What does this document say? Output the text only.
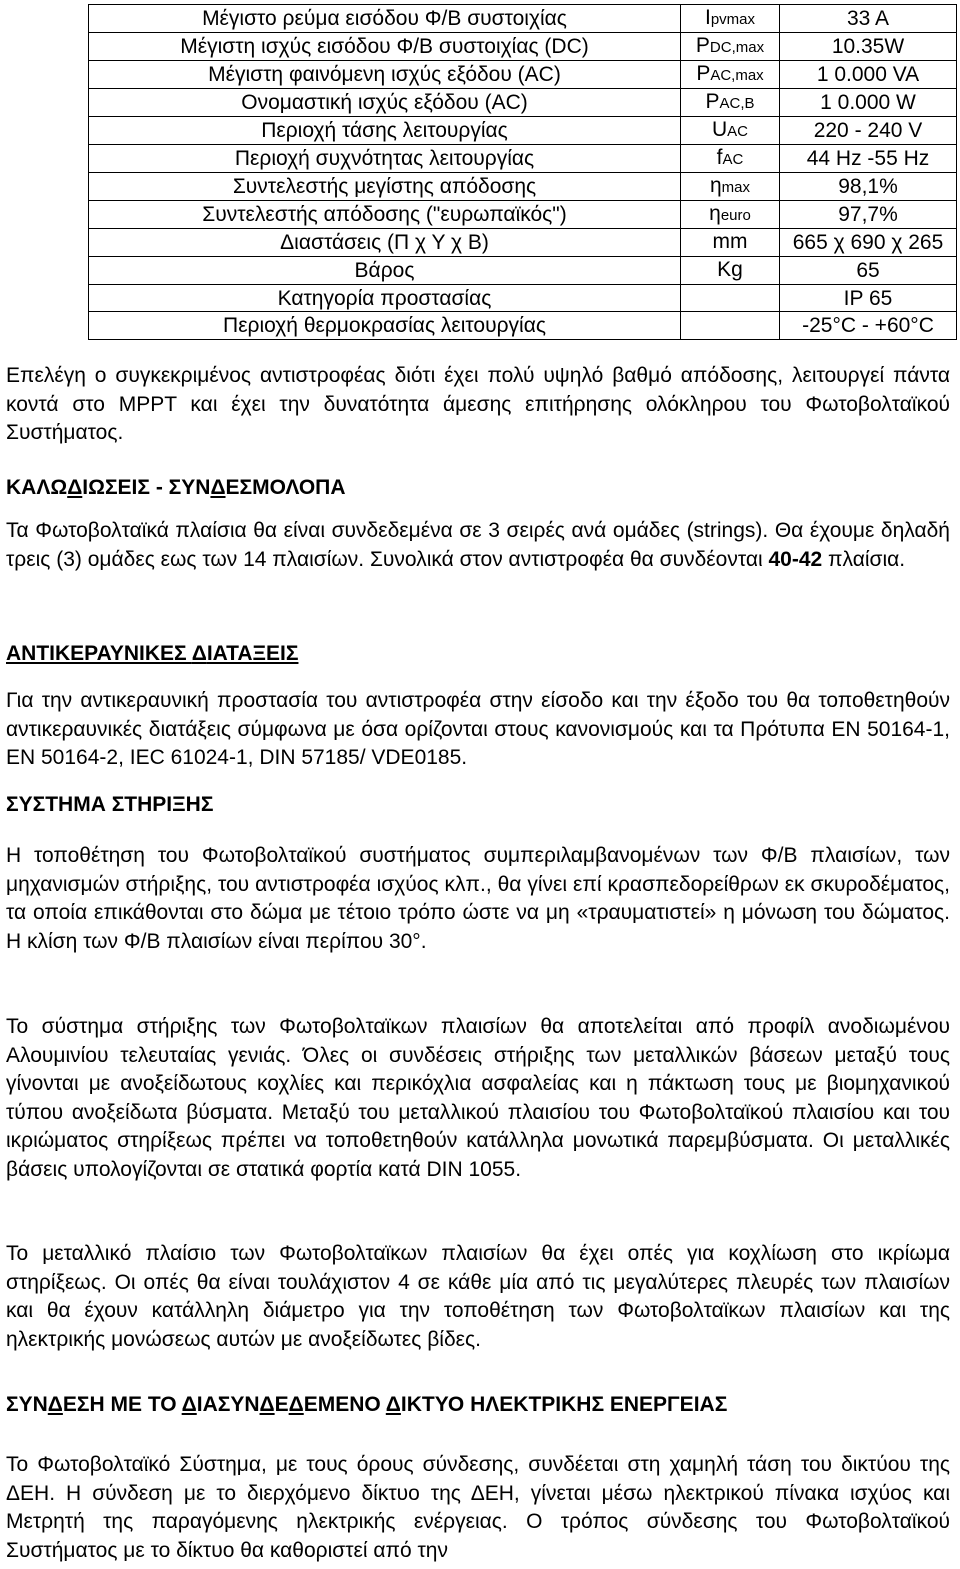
Μέγιστο ρεύμα εισόδου Φ/Β συστοιχίας	Ipvmax	33 A
Μέγιστη ισχύς εισόδου Φ/Β συστοιχίας (DC)	PDC,max	10.35W
Μέγιστη φαινόμενη ισχύς εξόδου (AC)	PAC,max	1 0.000 VA
Ονομαστική ισχύς εξόδου (AC)	PAC,B	1 0.000 W
Περιοχή τάσης λειτουργίας	UAC	220 - 240 V
Περιοχή συχνότητας λειτουργίας	fAC	44 Hz -55 Hz
Συντελεστής μεγίστης απόδοσης	ηmax	98,1%
Συντελεστής απόδοσης ("ευρωπαϊκός")	ηeuro	97,7%
Διαστάσεις (Π χ Υ χ Β)	mm	665 χ 690 χ 265
Βάρος	Kg	65
Κατηγορία προστασίας		IP 65
Περιοχή θερμοκρασίας λειτουργίας		-25°C - +60°C

Επελέγη ο συγκεκριμένος αντιστροφέας διότι έχει πολύ υψηλό βαθμό απόδοσης, λειτουργεί πάντα κοντά στο MPPT και έχει την δυνατότητα άμεσης επιτήρησης ολόκληρου του Φωτοβολταϊκού Συστήματος.

ΚΑΛΩΔΙΩΣΕΙΣ - ΣΥΝΔΕΣΜΟΛΟΠΑ

Τα Φωτοβολταϊκά πλαίσια θα είναι συνδεδεμένα σε 3 σειρές ανά ομάδες (strings). Θα έχουμε δηλαδή τρεις (3) ομάδες εως των 14 πλαισίων. Συνολικά στον αντιστροφέα θα συνδέονται 40-42 πλαίσια.

ΑΝΤΙΚΕΡΑΥΝΙΚΕΣ ΔΙΑΤΑΞΕΙΣ

Για την αντικεραυνική προστασία του αντιστροφέα στην είσοδο και την έξοδο του θα τοποθετηθούν αντικεραυνικές διατάξεις σύμφωνα με όσα ορίζονται στους κανονισμούς και τα Πρότυπα EN 50164-1, EN 50164-2, IEC 61024-1, DIN 57185/ VDE0185.

ΣΥΣΤΗΜΑ ΣΤΗΡΙΞΗΣ

Η τοποθέτηση του Φωτοβολταϊκού συστήματος συμπεριλαμβανομένων των Φ/Β πλαισίων, των μηχανισμών στήριξης, του αντιστροφέα ισχύος κλπ., θα γίνει επί κρασπεδορείθρων εκ σκυροδέματος, τα οποία επικάθονται στο δώμα με τέτοιο τρόπο ώστε να μη «τραυματιστεί» η μόνωση του δώματος. Η κλίση των Φ/Β πλαισίων είναι περίπου 30°.

Το σύστημα στήριξης των Φωτοβολταϊκων πλαισίων θα αποτελείται από προφίλ ανοδιωμένου Αλουμινίου τελευταίας γενιάς. Όλες οι συνδέσεις στήριξης των μεταλλικών βάσεων μεταξύ τους γίνονται με ανοξείδωτους κοχλίες και περικόχλια ασφαλείας και η πάκτωση τους με βιομηχανικού τύπου ανοξείδωτα βύσματα. Μεταξύ του μεταλλικού πλαισίου του Φωτοβολταϊκού πλαισίου και του ικριώματος στηρίξεως πρέπει να τοποθετηθούν κατάλληλα μονωτικά παρεμβύσματα. Οι μεταλλικές βάσεις υπολογίζονται σε στατικά φορτία κατά DIN 1055.

Το μεταλλικό πλαίσιο των Φωτοβολταϊκων πλαισίων θα έχει οπές για κοχλίωση στο ικρίωμα στηρίξεως. Οι οπές θα είναι τουλάχιστον 4 σε κάθε μία από τις μεγαλύτερες πλευρές των πλαισίων και θα έχουν κατάλληλη διάμετρο για την τοποθέτηση των Φωτοβολταϊκων πλαισίων και της ηλεκτρικής μονώσεως αυτών με ανοξείδωτες βίδες.

ΣΥΝΔΕΣΗ ΜΕ ΤΟ ΔΙΑΣΥΝΔΕΔΕΜΕΝΟ ΔΙΚΤΥΟ ΗΛΕΚΤΡΙΚΗΣ ΕΝΕΡΓΕΙΑΣ

Το Φωτοβολταϊκό Σύστημα, με τους όρους σύνδεσης, συνδέεται στη χαμηλή τάση του δικτύου της ΔΕΗ. Η σύνδεση με το διερχόμενο δίκτυο της ΔΕΗ, γίνεται μέσω ηλεκτρικού πίνακα ισχύος και Μετρητή της παραγόμενης ηλεκτρικής ενέργειας. Ο τρόπος σύνδεσης του Φωτοβολταϊκού Συστήματος με το δίκτυο θα καθοριστεί από την
